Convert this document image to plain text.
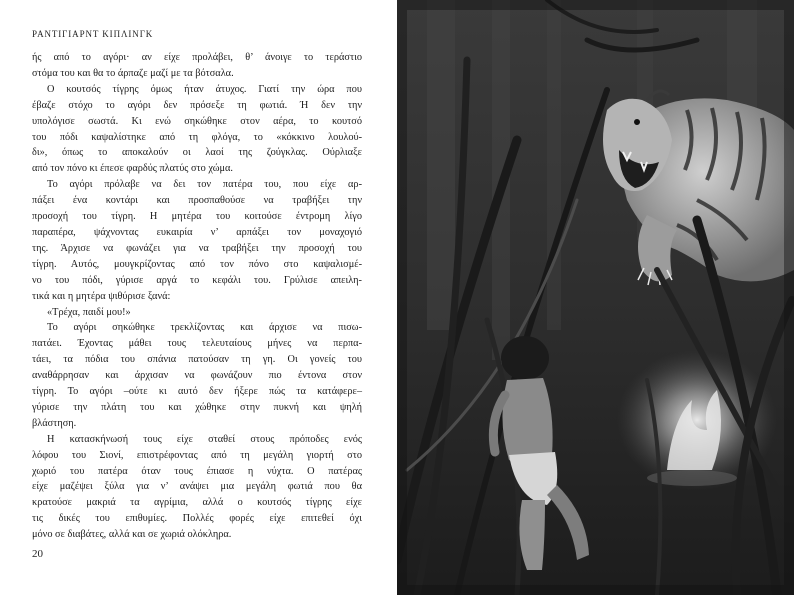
ΡΑΝΤΙΓΙΑΡΝΤ ΚΙΠΛΙΝΓΚ
ής από το αγόρι· αν είχε προλάβει, θ’ άνοιγε το τεράστιο
στόμα του και θα το άρπαζε μαζί με τα βότσαλα.
Ο κουτσός τίγρης όμως ήταν άτυχος. Γιατί την ώρα που
έβαζε στόχο το αγόρι δεν πρόσεξε τη φωτιά. Ή δεν την
υπολόγισε σωστά. Κι ενώ σηκώθηκε στον αέρα, το κουτσό
του πόδι καψαλίστηκε από τη φλόγα, το «κόκκινο λουλού-
δι», όπως το αποκαλούν οι λαοί της ζούγκλας. Ούρλιαξε
από τον πόνο κι έπεσε φαρδύς πλατύς στο χώμα.
Το αγόρι πρόλαβε να δει τον πατέρα του, που είχε αρ-
πάξει ένα κοντάρι και προσπαθούσε να τραβήξει την
προσοχή του τίγρη. Η μητέρα του κοιτούσε έντρομη λίγο
παραπέρα, ψάχνοντας ευκαιρία ν’ αρπάξει τον μοναχογιό
της. Άρχισε να φωνάζει για να τραβήξει την προσοχή του
τίγρη. Αυτός, μουγκρίζοντας από τον πόνο στο καψαλισμέ-
νο του πόδι, γύρισε αργά το κεφάλι του. Γρύλισε απειλη-
τικά και η μητέρα ψιθύρισε ξανά:
«Τρέχα, παιδί μου!»
Το αγόρι σηκώθηκε τρεκλίζοντας και άρχισε να πισω-
πατάει. Έχοντας μάθει τους τελευταίους μήνες να περπα-
τάει, τα πόδια του σπάνια πατούσαν τη γη. Οι γονείς του
αναθάρρησαν και άρχισαν να φωνάζουν πιο έντονα στον
τίγρη. Το αγόρι –ούτε κι αυτό δεν ήξερε πώς τα κατάφερε–
γύρισε την πλάτη του και χώθηκε στην πυκνή και ψηλή
βλάστηση.
Η κατασκήνωσή τους είχε σταθεί στους πρόποδες ενός
λόφου του Σιονί, επιστρέφοντας από τη μεγάλη γιορτή στο
χωριό του πατέρα όταν τους έπιασε η νύχτα. Ο πατέρας
είχε μαζέψει ξύλα για ν’ ανάψει μια μεγάλη φωτιά που θα
κρατούσε μακριά τα αγρίμια, αλλά ο κουτσός τίγρης είχε
τις δικές του επιθυμίες. Πολλές φορές είχε επιτεθεί όχι
μόνο σε διαβάτες, αλλά και σε χωριά ολόκληρα.
20
